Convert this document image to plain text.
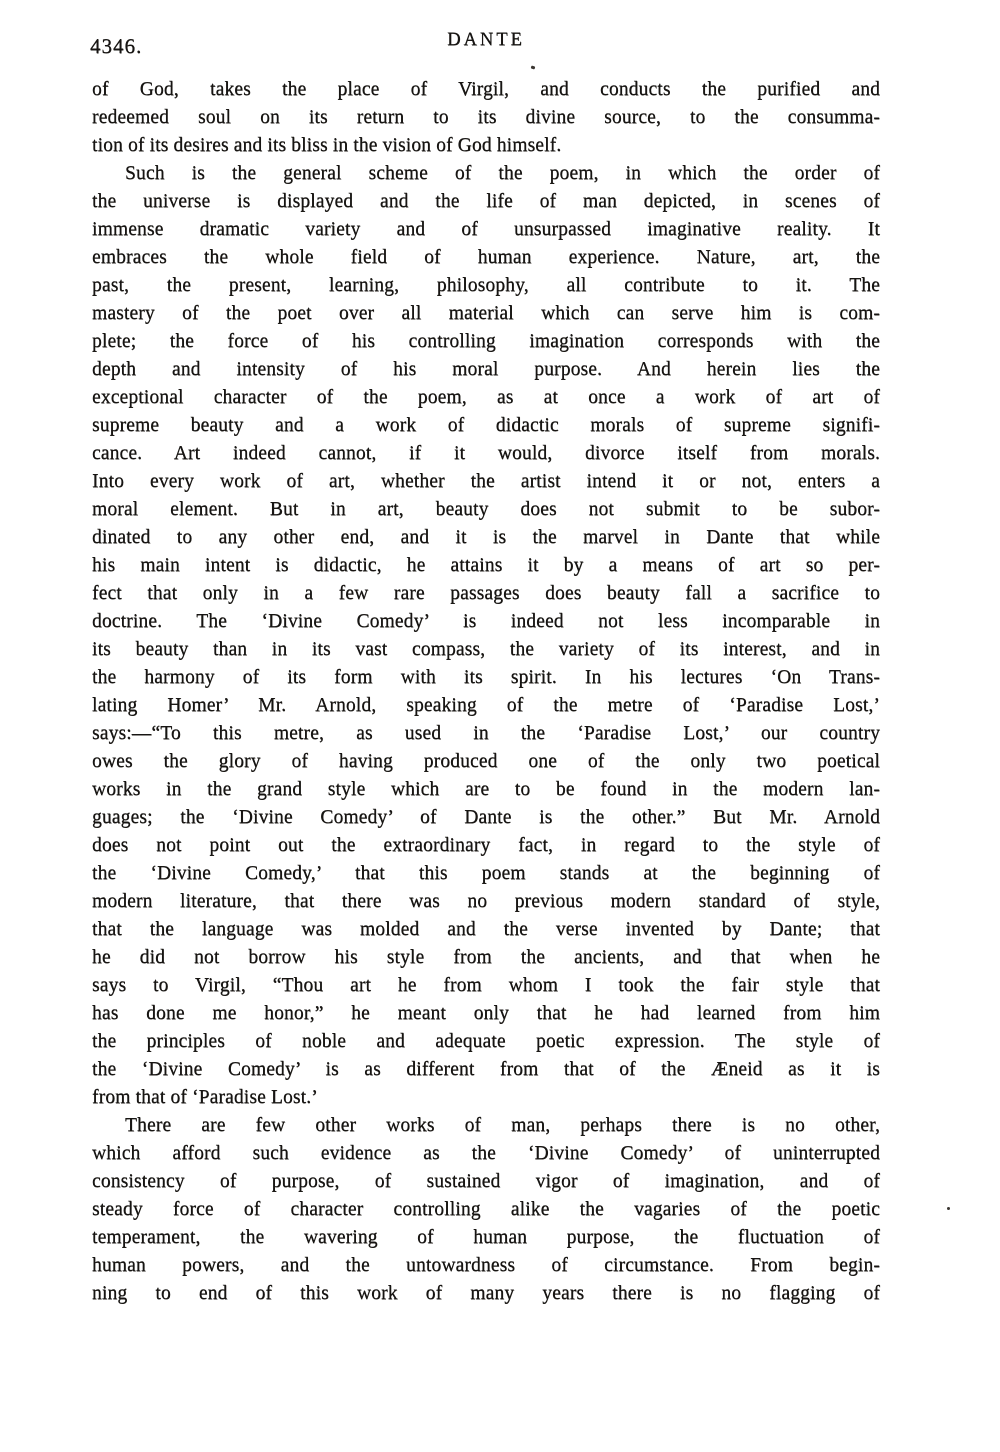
4346.	DANTE
of God, takes the place of Virgil, and conducts the purified and
redeemed soul on its return to its divine source, to the consumma-
tion of its desires and its bliss in the vision of God himself.
Such is the general scheme of the poem, in which the order of
the universe is displayed and the life of man depicted, in scenes of
immense dramatic variety and of unsurpassed imaginative reality. It
embraces the whole field of human experience. Nature, art, the
past, the present, learning, philosophy, all contribute to it. The
mastery of the poet over all material which can serve him is com-
plete; the force of his controlling imagination corresponds with the
depth and intensity of his moral purpose. And herein lies the
exceptional character of the poem, as at once a work of art of
supreme beauty and a work of didactic morals of supreme signifi-
cance. Art indeed cannot, if it would, divorce itself from morals.
Into every work of art, whether the artist intend it or not, enters a
moral element. But in art, beauty does not submit to be subor-
dinated to any other end, and it is the marvel in Dante that while
his main intent is didactic, he attains it by a means of art so per-
fect that only in a few rare passages does beauty fall a sacrifice to
doctrine. The ‘Divine Comedy’ is indeed not less incomparable in
its beauty than in its vast compass, the variety of its interest, and in
the harmony of its form with its spirit. In his lectures ‘On Trans-
lating Homer’ Mr. Arnold, speaking of the metre of ‘Paradise Lost,’
says:—“To this metre, as used in the ‘Paradise Lost,’ our country
owes the glory of having produced one of the only two poetical
works in the grand style which are to be found in the modern lan-
guages; the ‘Divine Comedy’ of Dante is the other.” But Mr. Arnold
does not point out the extraordinary fact, in regard to the style of
the ‘Divine Comedy,’ that this poem stands at the beginning of
modern literature, that there was no previous modern standard of style,
that the language was molded and the verse invented by Dante; that
he did not borrow his style from the ancients, and that when he
says to Virgil, “Thou art he from whom I took the fair style that
has done me honor,” he meant only that he had learned from him
the principles of noble and adequate poetic expression. The style of
the ‘Divine Comedy’ is as different from that of the Æneid as it is
from that of ‘Paradise Lost.’
There are few other works of man, perhaps there is no other,
which afford such evidence as the ‘Divine Comedy’ of uninterrupted
consistency of purpose, of sustained vigor of imagination, and of
steady force of character controlling alike the vagaries of the poetic
temperament, the wavering of human purpose, the fluctuation of
human powers, and the untowardness of circumstance. From begin-
ning to end of this work of many years there is no flagging of
